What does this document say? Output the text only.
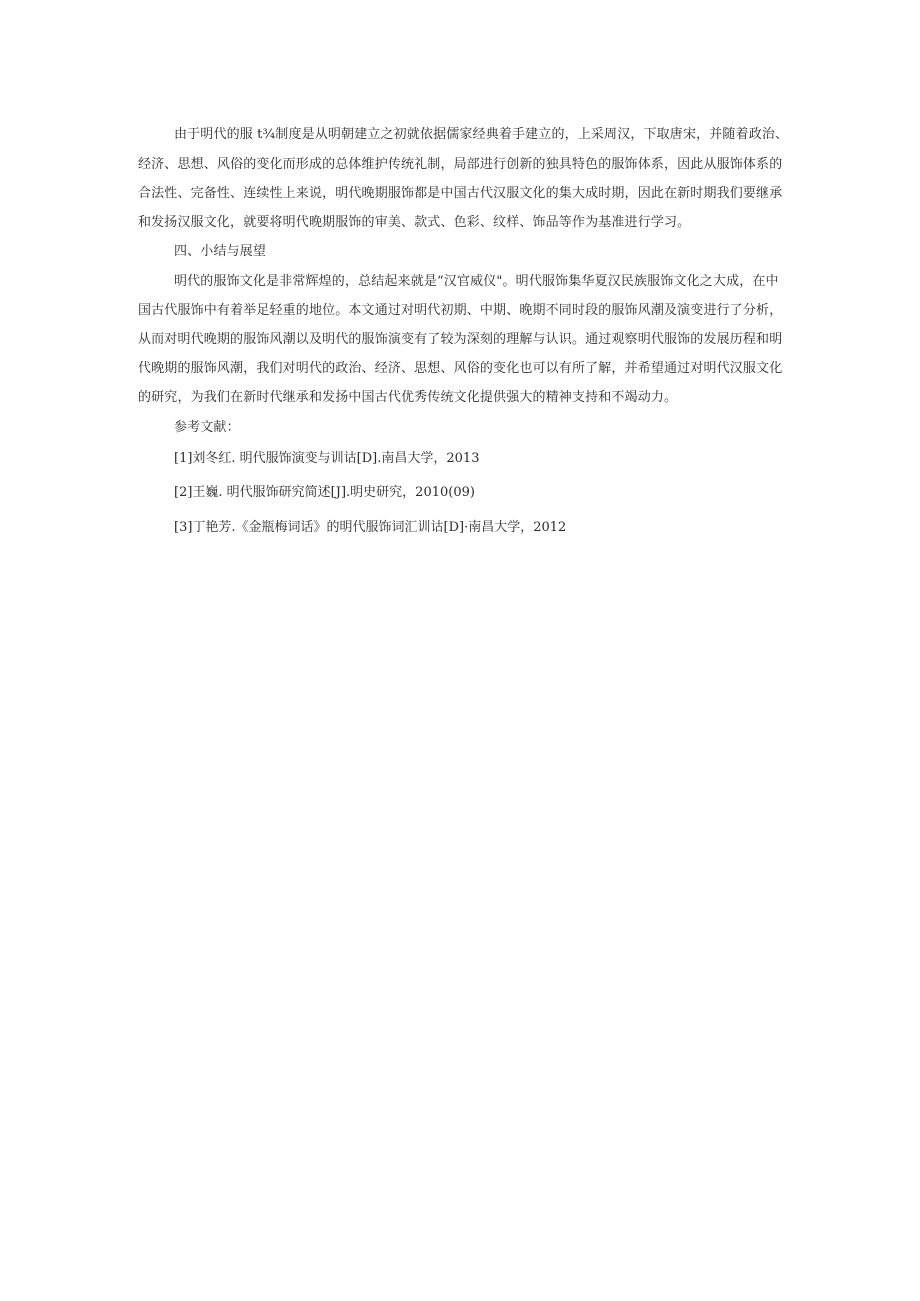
由于明代的服 t¾制度是从明朝建立之初就依据儒家经典着手建立的，上采周汉，下取唐宋，并随着政治、
经济、思想、风俗的变化而形成的总体维护传统礼制，局部进行创新的独具特色的服饰体系，因此从服饰体系的
合法性、完备性、连续性上来说，明代晚期服饰都是中国古代汉服文化的集大成时期，因此在新时期我们要继承
和发扬汉服文化，就要将明代晚期服饰的审美、款式、色彩、纹样、饰品等作为基准进行学习。
四、小结与展望
明代的服饰文化是非常辉煌的，总结起来就是“汉官威仪"。明代服饰集华夏汉民族服饰文化之大成，在中
国古代服饰中有着举足轻重的地位。本文通过对明代初期、中期、晚期不同时段的服饰风潮及演变进行了分析，
从而对明代晚期的服饰风潮以及明代的服饰演变有了较为深刻的理解与认识。通过观察明代服饰的发展历程和明
代晚期的服饰风潮，我们对明代的政治、经济、思想、风俗的变化也可以有所了解，并希望通过对明代汉服文化
的研究，为我们在新时代继承和发扬中国古代优秀传统文化提供强大的精神支持和不竭动力。
参考文献：
[1]刘冬红. 明代服饰演变与训诂[D].南昌大学，2013
[2]王巍. 明代服饰研究简述[J].明史研究，2010(09)
[3]丁艳芳.《金瓶梅词话》的明代服饰词汇训诂[D]·南昌大学，2012
